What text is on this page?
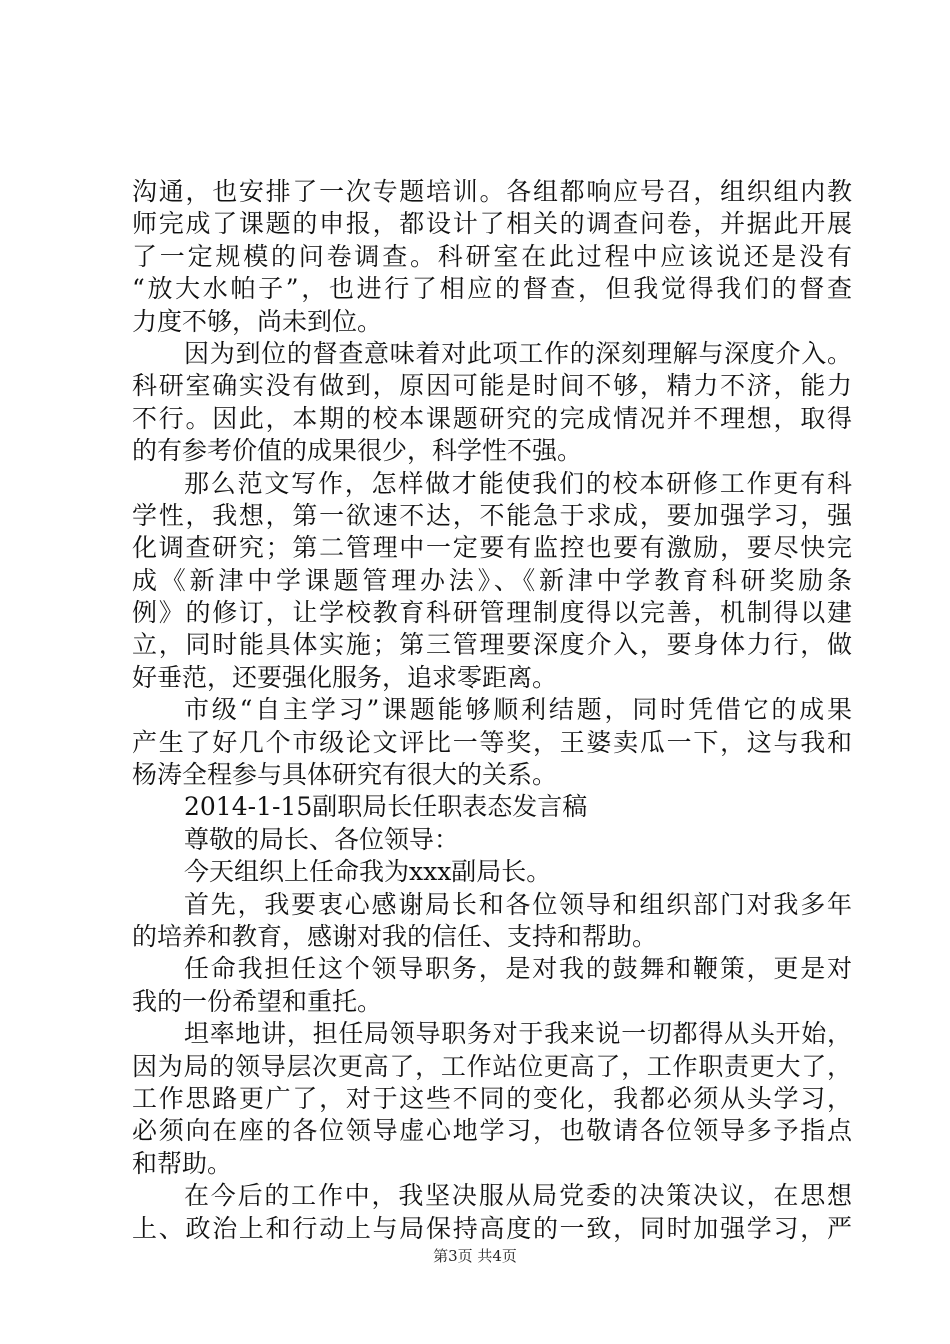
沟通，也安排了一次专题培训。各组都响应号召，组织组内教
师完成了课题的申报，都设计了相关的调查问卷，并据此开展
了一定规模的问卷调查。科研室在此过程中应该说还是没有
“放大水帕子”，也进行了相应的督查，但我觉得我们的督查
力度不够，尚未到位。
因为到位的督查意味着对此项工作的深刻理解与深度介入。
科研室确实没有做到，原因可能是时间不够，精力不济，能力
不行。因此，本期的校本课题研究的完成情况并不理想，取得
的有参考价值的成果很少，科学性不强。
那么范文写作，怎样做才能使我们的校本研修工作更有科
学性，我想，第一欲速不达，不能急于求成，要加强学习，强
化调查研究；第二管理中一定要有监控也要有激励，要尽快完
成《新津中学课题管理办法》、《新津中学教育科研奖励条
例》的修订，让学校教育科研管理制度得以完善，机制得以建
立，同时能具体实施；第三管理要深度介入，要身体力行，做
好垂范，还要强化服务，追求零距离。
市级“自主学习”课题能够顺利结题，同时凭借它的成果
产生了好几个市级论文评比一等奖，王婆卖瓜一下，这与我和
杨涛全程参与具体研究有很大的关系。
2014-1-15副职局长任职表态发言稿
尊敬的局长、各位领导：
今天组织上任命我为xxx副局长。
首先，我要衷心感谢局长和各位领导和组织部门对我多年
的培养和教育，感谢对我的信任、支持和帮助。
任命我担任这个领导职务，是对我的鼓舞和鞭策，更是对
我的一份希望和重托。
坦率地讲，担任局领导职务对于我来说一切都得从头开始，
因为局的领导层次更高了，工作站位更高了，工作职责更大了，
工作思路更广了，对于这些不同的变化，我都必须从头学习，
必须向在座的各位领导虚心地学习，也敬请各位领导多予指点
和帮助。
在今后的工作中，我坚决服从局党委的决策决议，在思想
上、政治上和行动上与局保持高度的一致，同时加强学习，严
第3页 共4页
